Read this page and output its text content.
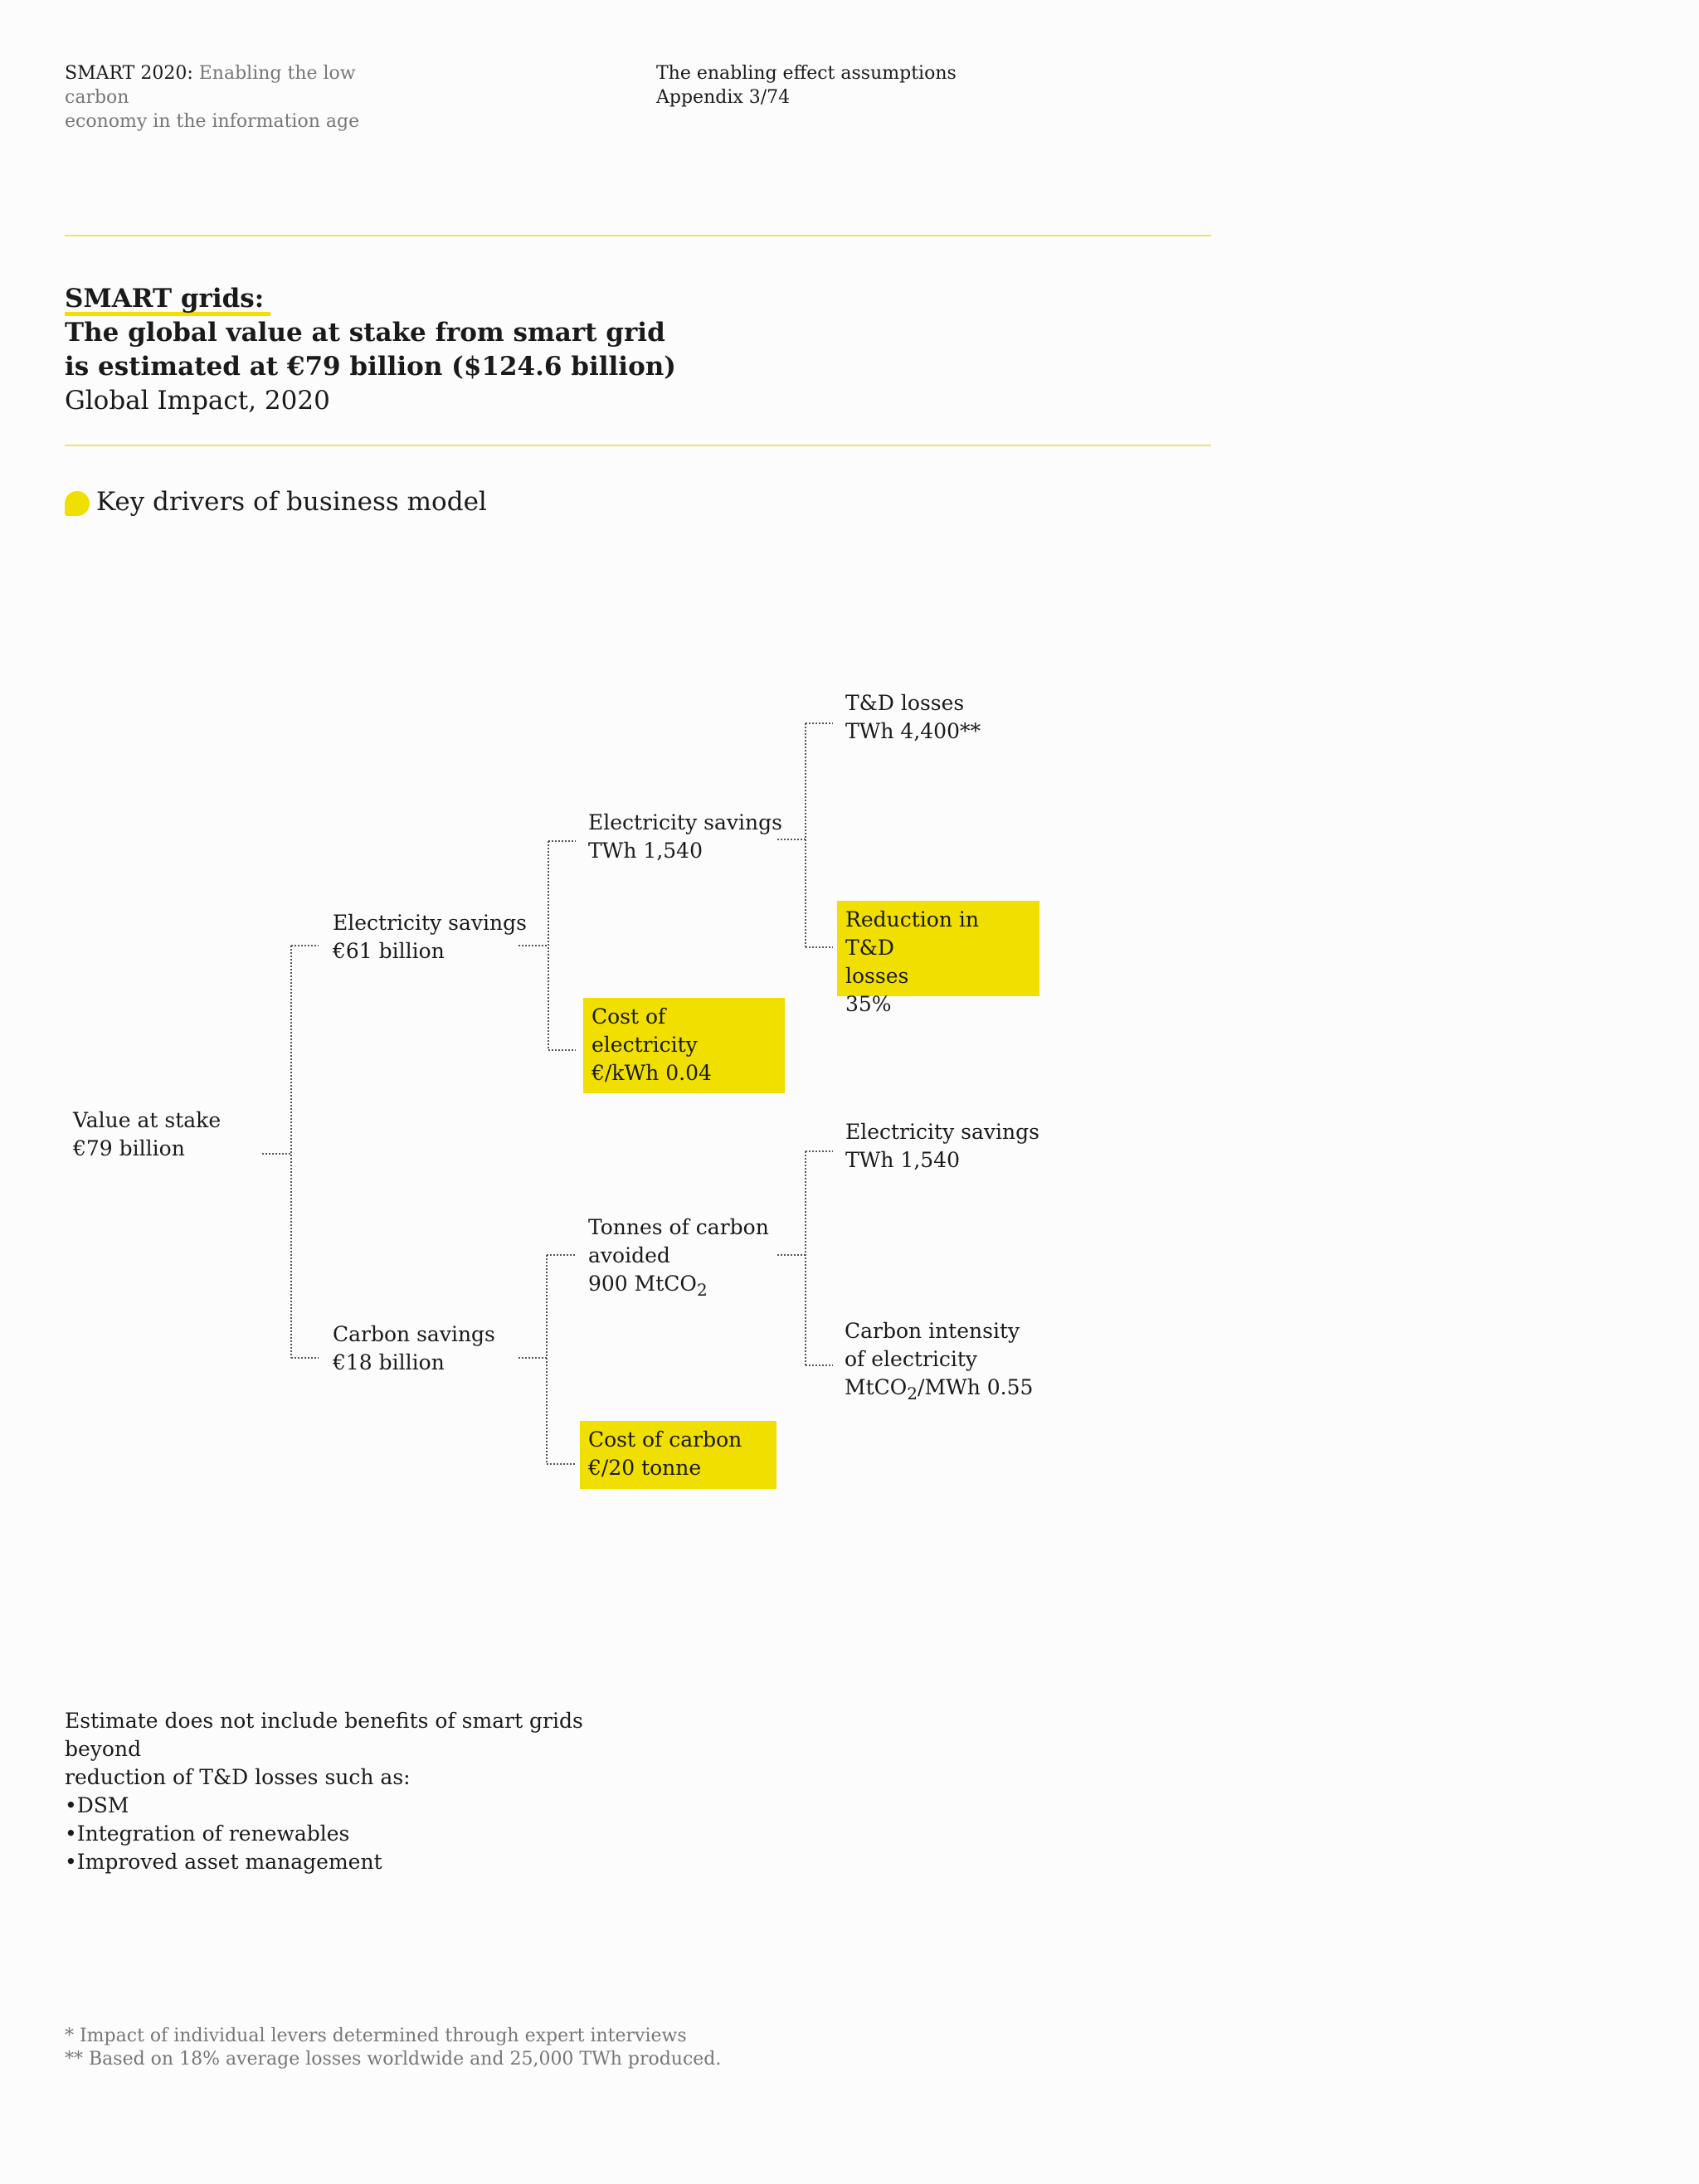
SMART 2020: Enabling the low carbon
economy in the information age
The enabling effect assumptions
Appendix 3/74
SMART grids:
The global value at stake from smart grid
is estimated at €79 billion ($124.6 billion)
Global Impact, 2020
Key drivers of business model
Value at stake
€79 billion
Electricity savings
€61 billion
Carbon savings
€18 billion
Electricity savings
TWh 1,540
Cost of electricity
€/kWh 0.04
Tonnes of carbon
avoided
900 MtCO$_2$
Cost of carbon
€/20 tonne
T&D losses
TWh 4,400**
Reduction in T&D
losses
35%
Electricity savings
TWh 1,540
Carbon intensity
of electricity
MtCO$_2$/MWh 0.55
Estimate does not include benefits of smart grids beyond
reduction of T&D losses such as:
• DSM
• Integration of renewables
• Improved asset management
* Impact of individual levers determined through expert interviews
** Based on 18% average losses worldwide and 25,000 TWh produced.
